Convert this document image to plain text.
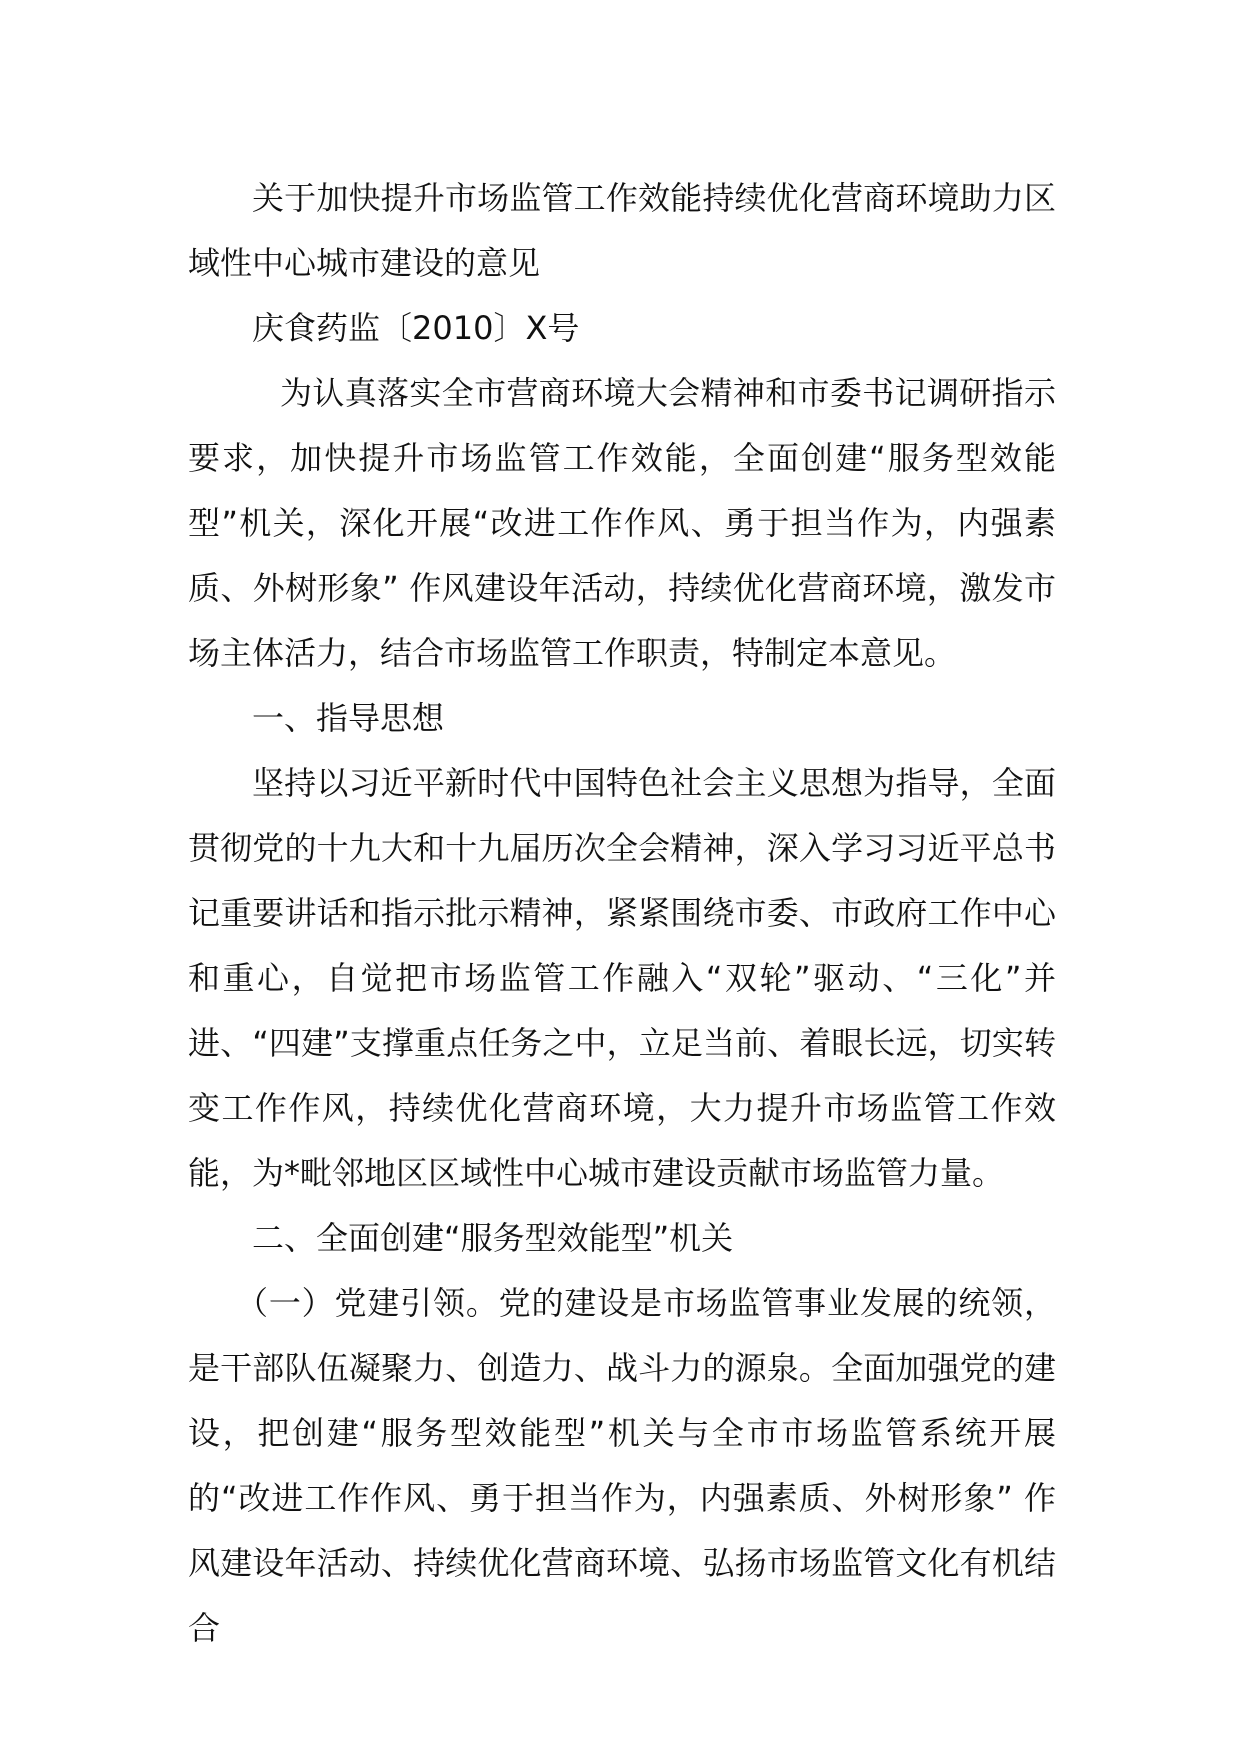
关于加快提升市场监管工作效能持续优化营商环境助力区域性中心城市建设的意见

庆食药监〔2010〕X号

为认真落实全市营商环境大会精神和市委书记调研指示要求，加快提升市场监管工作效能，全面创建“服务型效能型”机关，深化开展“改进工作作风、勇于担当作为，内强素质、外树形象” 作风建设年活动，持续优化营商环境，激发市场主体活力，结合市场监管工作职责，特制定本意见。

一、指导思想

坚持以习近平新时代中国特色社会主义思想为指导，全面贯彻党的十九大和十九届历次全会精神，深入学习习近平总书记重要讲话和指示批示精神，紧紧围绕市委、市政府工作中心和重心，自觉把市场监管工作融入“双轮”驱动、“三化”并进、“四建”支撑重点任务之中，立足当前、着眼长远，切实转变工作作风，持续优化营商环境，大力提升市场监管工作效能，为*毗邻地区区域性中心城市建设贡献市场监管力量。

二、全面创建“服务型效能型”机关

（一）党建引领。党的建设是市场监管事业发展的统领，是干部队伍凝聚力、创造力、战斗力的源泉。全面加强党的建设，把创建“服务型效能型”机关与全市市场监管系统开展的“改进工作作风、勇于担当作为，内强素质、外树形象” 作风建设年活动、持续优化营商环境、弘扬市场监管文化有机结合
